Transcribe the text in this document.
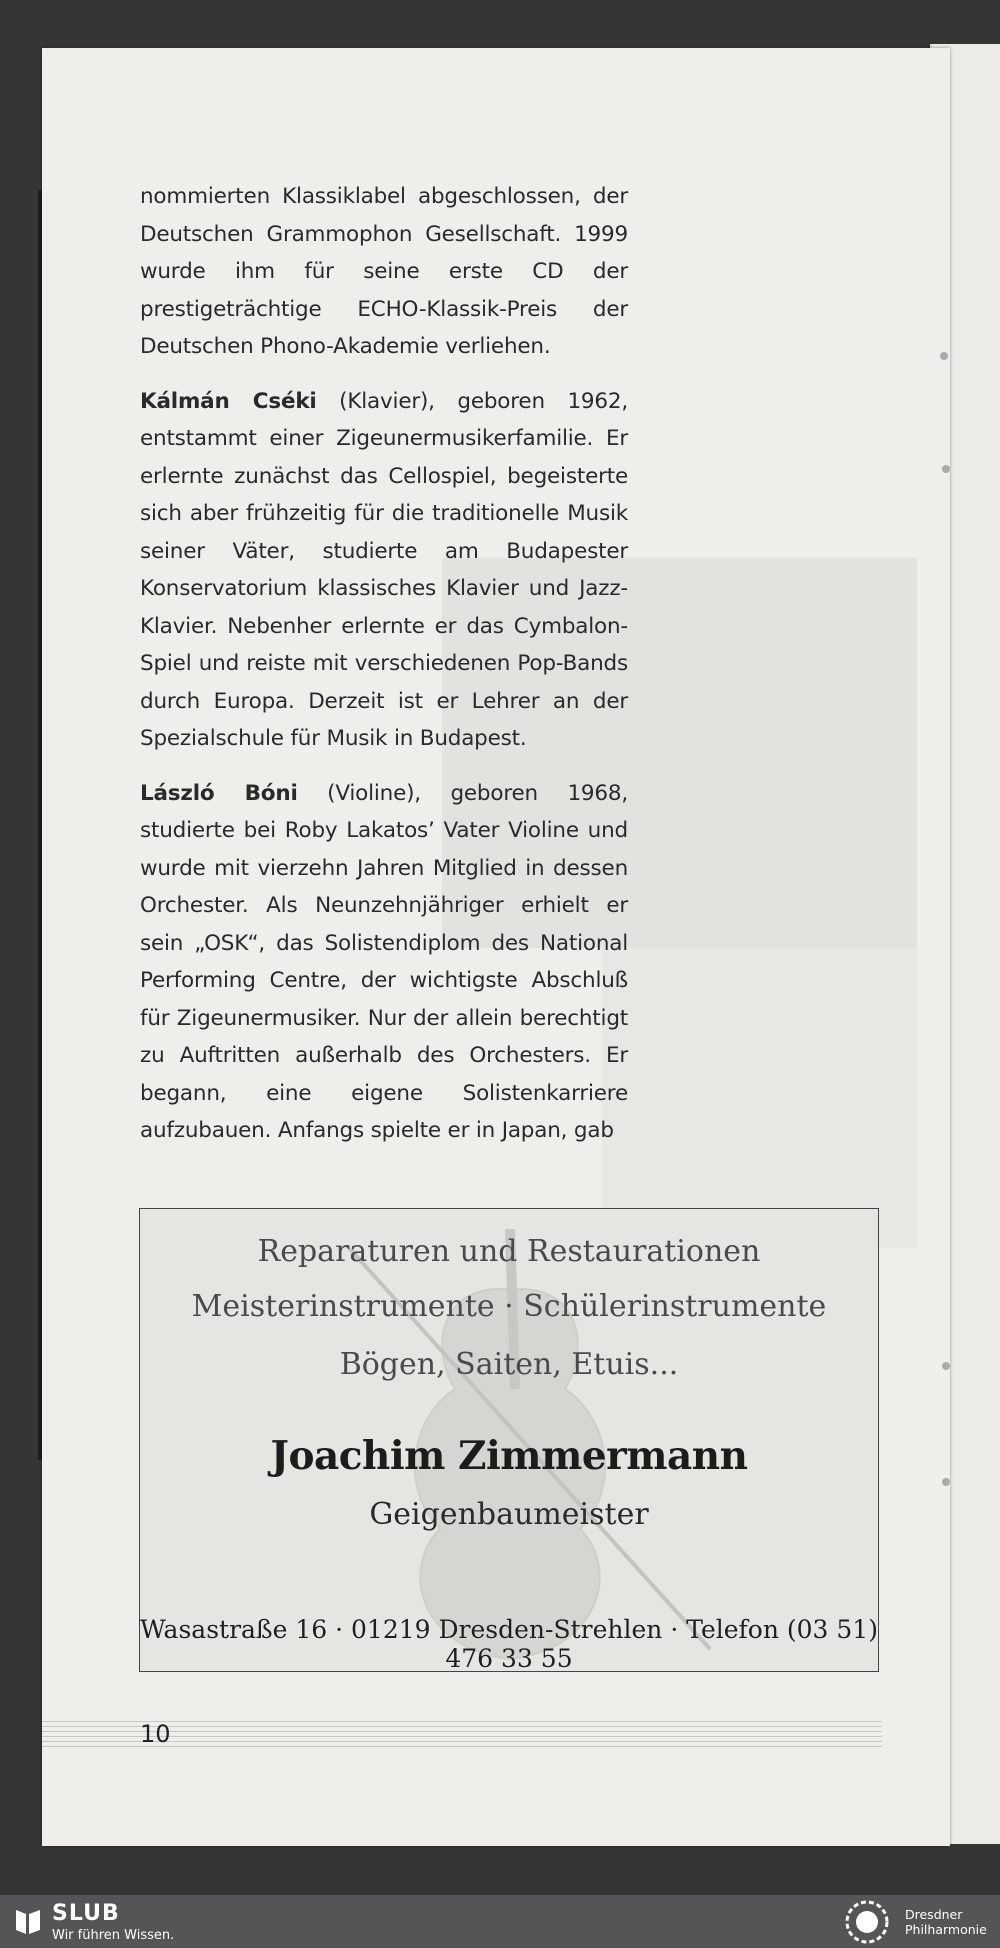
nommierten Klassiklabel abgeschlossen, der Deutschen Grammophon Gesellschaft. 1999 wurde ihm für seine erste CD der prestigeträchtige ECHO-Klassik-Preis der Deutschen Phono-Akademie verliehen.

Kálmán Cséki (Klavier), geboren 1962, entstammt einer Zigeunermusikerfamilie. Er erlernte zunächst das Cellospiel, begeisterte sich aber frühzeitig für die traditionelle Musik seiner Väter, studierte am Budapester Konservatorium klassisches Klavier und Jazz-Klavier. Nebenher erlernte er das Cymbalon-Spiel und reiste mit verschiedenen Pop-Bands durch Europa. Derzeit ist er Lehrer an der Spezialschule für Musik in Budapest.

László Bóni (Violine), geboren 1968, studierte bei Roby Lakatos’ Vater Violine und wurde mit vierzehn Jahren Mitglied in dessen Orchester. Als Neunzehnjähriger erhielt er sein „OSK“, das Solistendiplom des National Performing Centre, der wichtigste Abschluß für Zigeunermusiker. Nur der allein berechtigt zu Auftritten außerhalb des Orchesters. Er begann, eine eigene Solistenkarriere aufzubauen. Anfangs spielte er in Japan, gab

Reparaturen und Restaurationen
Meisterinstrumente · Schülerinstrumente
Bögen, Saiten, Etuis...
Joachim Zimmermann
Geigenbaumeister
Wasastraße 16 · 01219 Dresden-Strehlen · Telefon (03 51) 476 33 55
10
SLUB
Wir führen Wissen.
Dresdner
Philharmonie
